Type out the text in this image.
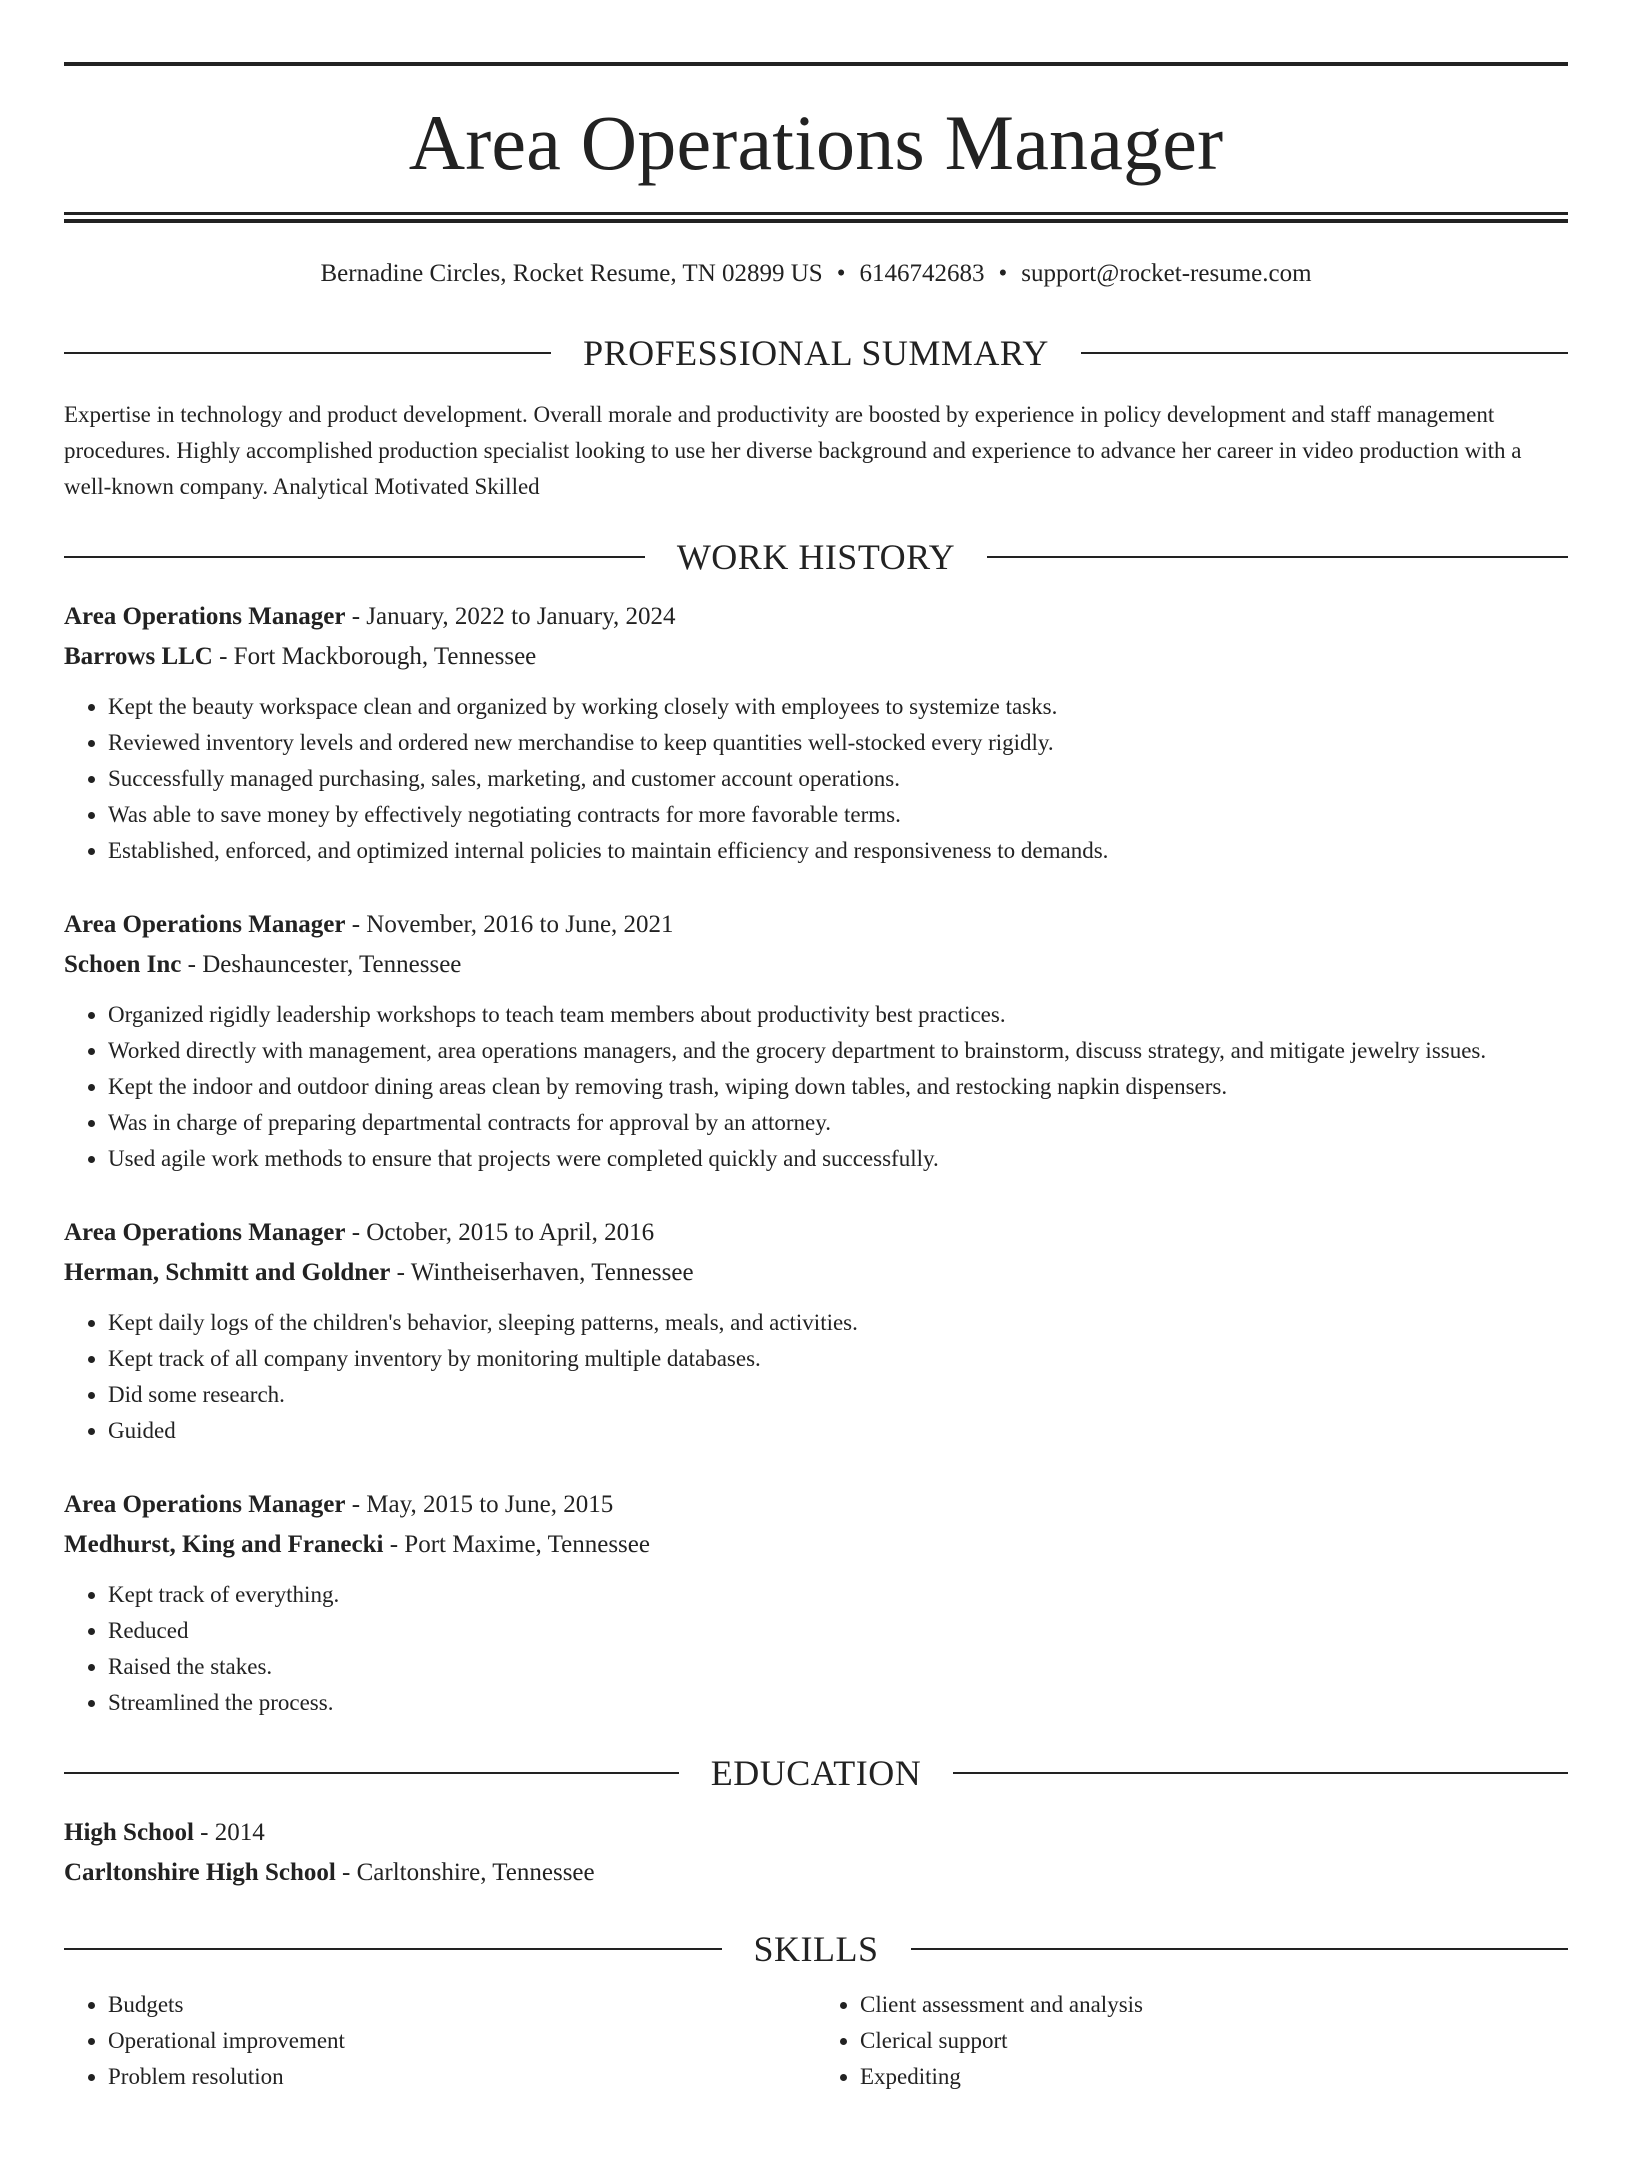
Area Operations Manager
Bernadine Circles, Rocket Resume, TN 02899 US • 6146742683 • support@rocket-resume.com
PROFESSIONAL SUMMARY

Expertise in technology and product development. Overall morale and productivity are boosted by experience in policy development and staff management procedures. Highly accomplished production specialist looking to use her diverse background and experience to advance her career in video production with a well-known company. Analytical Motivated Skilled

WORK HISTORY
Area Operations Manager - January, 2022 to January, 2024
Barrows LLC - Fort Mackborough, Tennessee
• Kept the beauty workspace clean and organized by working closely with employees to systemize tasks.
• Reviewed inventory levels and ordered new merchandise to keep quantities well-stocked every rigidly.
• Successfully managed purchasing, sales, marketing, and customer account operations.
• Was able to save money by effectively negotiating contracts for more favorable terms.
• Established, enforced, and optimized internal policies to maintain efficiency and responsiveness to demands.
Area Operations Manager - November, 2016 to June, 2021
Schoen Inc - Deshauncester, Tennessee
• Organized rigidly leadership workshops to teach team members about productivity best practices.
• Worked directly with management, area operations managers, and the grocery department to brainstorm, discuss strategy, and mitigate jewelry issues.
• Kept the indoor and outdoor dining areas clean by removing trash, wiping down tables, and restocking napkin dispensers.
• Was in charge of preparing departmental contracts for approval by an attorney.
• Used agile work methods to ensure that projects were completed quickly and successfully.
Area Operations Manager - October, 2015 to April, 2016
Herman, Schmitt and Goldner - Wintheiserhaven, Tennessee
• Kept daily logs of the children's behavior, sleeping patterns, meals, and activities.
• Kept track of all company inventory by monitoring multiple databases.
• Did some research.
• Guided
Area Operations Manager - May, 2015 to June, 2015
Medhurst, King and Franecki - Port Maxime, Tennessee
• Kept track of everything.
• Reduced
• Raised the stakes.
• Streamlined the process.
EDUCATION
High School - 2014
Carltonshire High School - Carltonshire, Tennessee
SKILLS
• Budgets
• Operational improvement
• Problem resolution
• Client assessment and analysis
• Clerical support
• Expediting
